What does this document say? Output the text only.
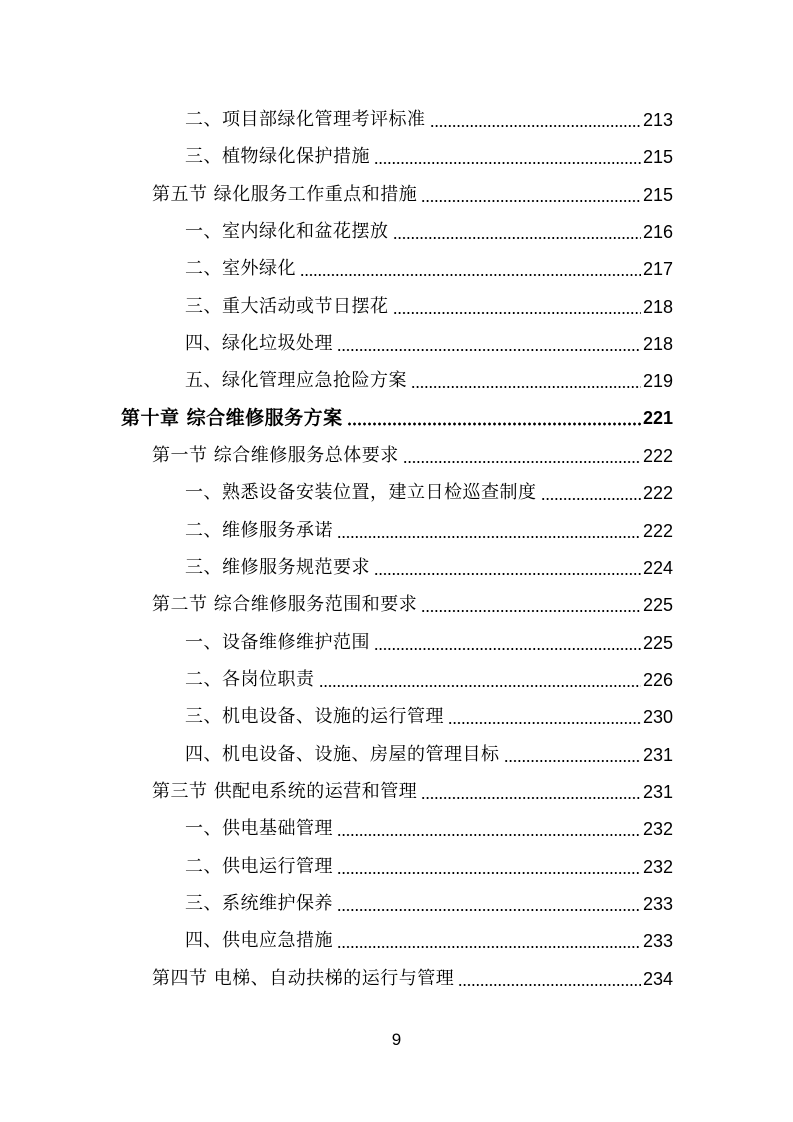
二、项目部绿化管理考评标准	213
三、植物绿化保护措施	215
第五节 绿化服务工作重点和措施	215
一、室内绿化和盆花摆放	216
二、室外绿化	217
三、重大活动或节日摆花	218
四、绿化垃圾处理	218
五、绿化管理应急抢险方案	219
第十章 综合维修服务方案	221
第一节 综合维修服务总体要求	222
一、熟悉设备安装位置，建立日检巡查制度	222
二、维修服务承诺	222
三、维修服务规范要求	224
第二节 综合维修服务范围和要求	225
一、设备维修维护范围	225
二、各岗位职责	226
三、机电设备、设施的运行管理	230
四、机电设备、设施、房屋的管理目标	231
第三节 供配电系统的运营和管理	231
一、供电基础管理	232
二、供电运行管理	232
三、系统维护保养	233
四、供电应急措施	233
第四节 电梯、自动扶梯的运行与管理	234
9
